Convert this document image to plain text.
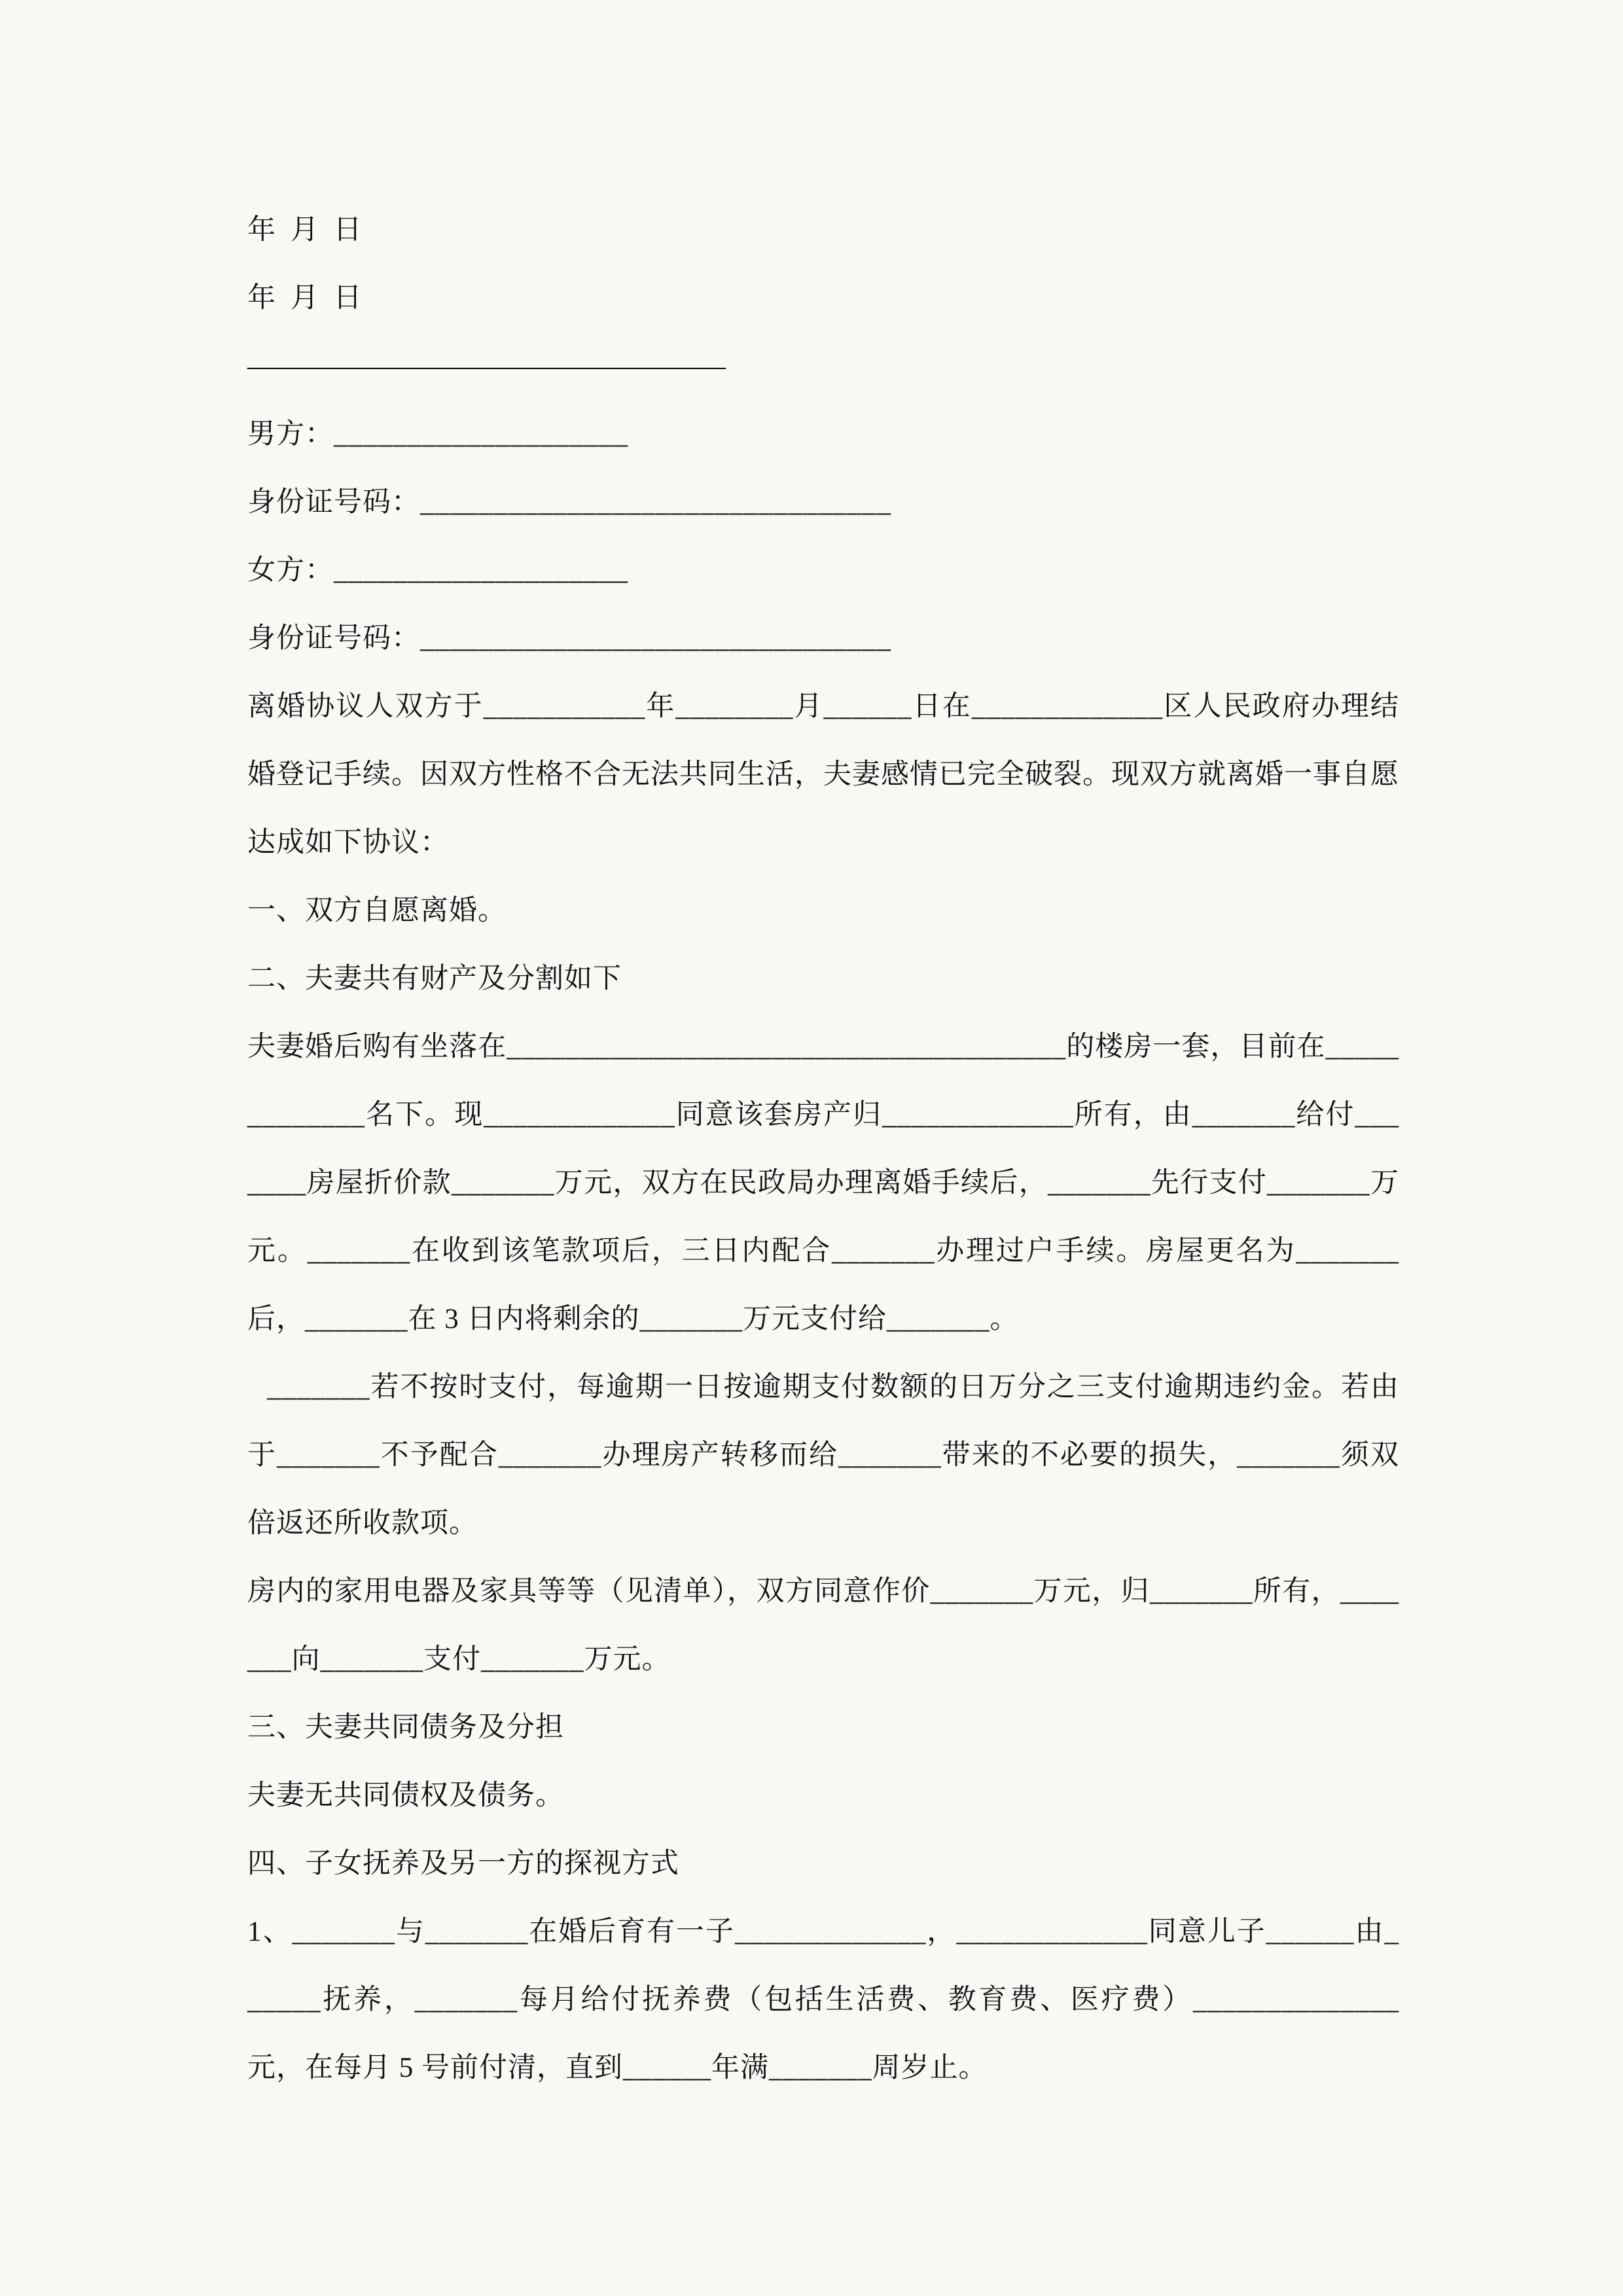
年 月 日

年 月 日

—————————————————

男方：____________________

身份证号码：________________________________

女方：____________________

身份证号码：________________________________

离婚协议人双方于___________年________月______日在_____________区人民政府办理结婚登记手续。因双方性格不合无法共同生活，夫妻感情已完全破裂。现双方就离婚一事自愿达成如下协议：

一、双方自愿离婚。

二、夫妻共有财产及分割如下

夫妻婚后购有坐落在______________________________________的楼房一套，目前在_____________名下。现_____________同意该套房产归_____________所有，由_______给付_______房屋折价款_______万元，双方在民政局办理离婚手续后，_______先行支付_______万元。_______在收到该笔款项后，三日内配合_______办理过户手续。房屋更名为_______后，_______在 3 日内将剩余的_______万元支付给_______。

_______若不按时支付，每逾期一日按逾期支付数额的日万分之三支付逾期违约金。若由于_______不予配合_______办理房产转移而给_______带来的不必要的损失，_______须双倍返还所收款项。

房内的家用电器及家具等等（见清单），双方同意作价_______万元，归_______所有，_______向_______支付_______万元。

三、夫妻共同债务及分担

夫妻无共同债权及债务。

四、子女抚养及另一方的探视方式

1、_______与_______在婚后育有一子_____________，_____________同意儿子______由______抚养，_______每月给付抚养费（包括生活费、教育费、医疗费）______________元，在每月 5 号前付清，直到______年满_______周岁止。
